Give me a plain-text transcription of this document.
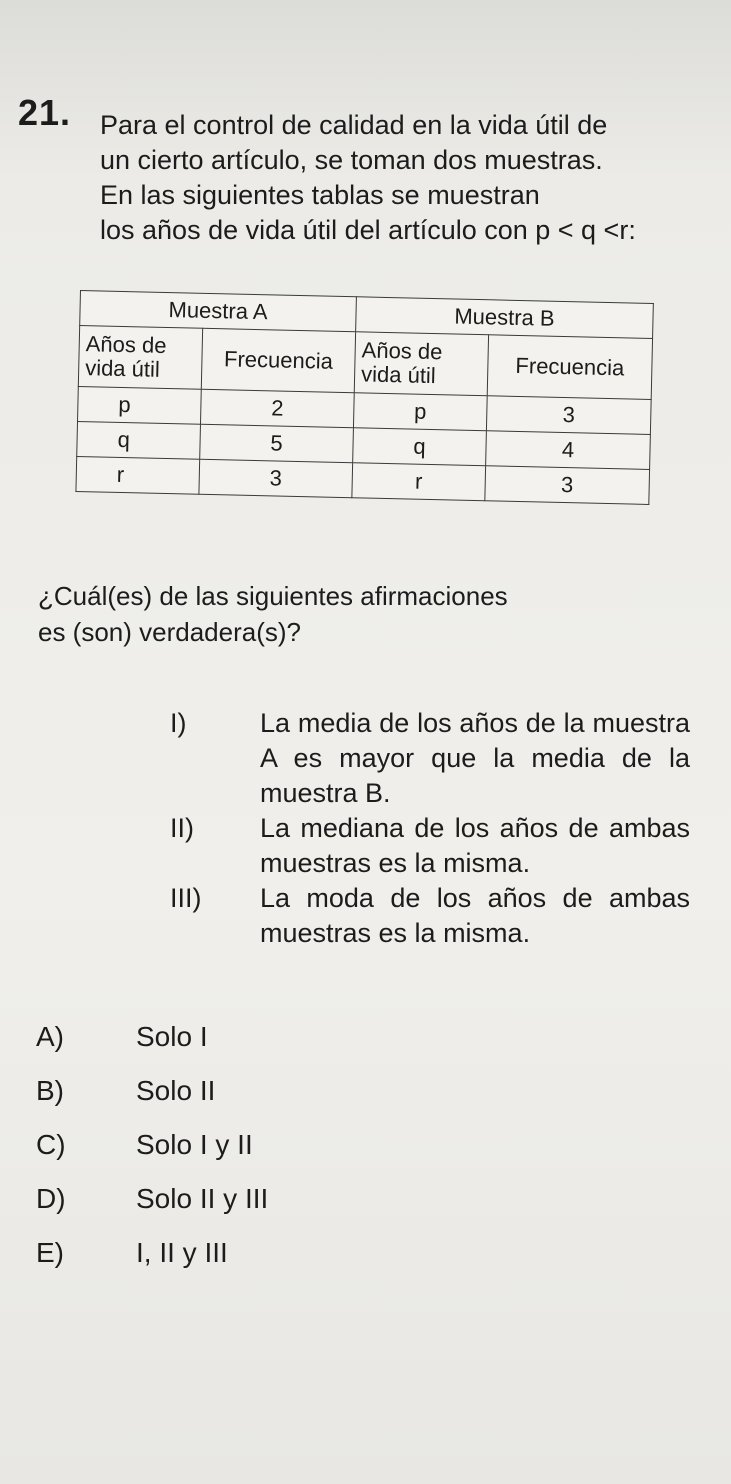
21. Para el control de calidad en la vida útil de
un cierto artículo, se toman dos muestras.
En las siguientes tablas se muestran
los años de vida útil del artículo con p < q <r:
Muestra A		Muestra B	
Años de vida útil	Frecuencia	Años de vida útil	Frecuencia
p	2	p	3
q	5	q	4
r	3	r	3
¿Cuál(es) de las siguientes afirmaciones
es (son) verdadera(s)?
I)	La media de los años de la muestra A es mayor que la media de la muestra B.
II)	La mediana de los años de ambas muestras es la misma.
III)	La moda de los años de ambas muestras es la misma.
A)	Solo I
B)	Solo II
C)	Solo I y II
D)	Solo II y III
E)	I, II y III
